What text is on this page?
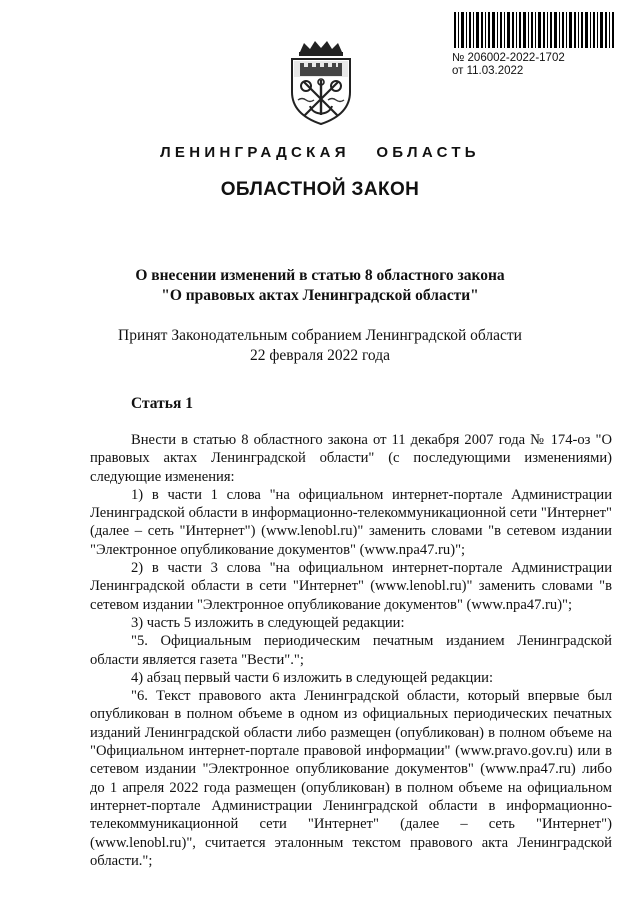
№ 206002-2022-1702
от 11.03.2022
ЛЕНИНГРАДСКАЯ ОБЛАСТЬ
ОБЛАСТНОЙ ЗАКОН
О внесении изменений в статью 8 областного закона
"О правовых актах Ленинградской области"
Принят Законодательным собранием Ленинградской области
22 февраля 2022 года
Статья 1

Внести в статью 8 областного закона от 11 декабря 2007 года № 174-оз "О правовых актах Ленинградской области" (с последующими изменениями) следующие изменения:

1) в части 1 слова "на официальном интернет-портале Администрации Ленинградской области в информационно-телекоммуникационной сети "Интернет" (далее – сеть "Интернет") (www.lenobl.ru)" заменить словами "в сетевом издании "Электронное опубликование документов" (www.npa47.ru)";

2) в части 3 слова "на официальном интернет-портале Администрации Ленинградской области в сети "Интернет" (www.lenobl.ru)" заменить словами "в сетевом издании "Электронное опубликование документов" (www.npa47.ru)";

3) часть 5 изложить в следующей редакции:

"5. Официальным периодическим печатным изданием Ленинградской области является газета "Вести".";

4) абзац первый части 6 изложить в следующей редакции:

"6. Текст правового акта Ленинградской области, который впервые был опубликован в полном объеме в одном из официальных периодических печатных изданий Ленинградской области либо размещен (опубликован) в полном объеме на "Официальном интернет-портале правовой информации" (www.pravo.gov.ru) или в сетевом издании "Электронное опубликование документов" (www.npa47.ru) либо до 1 апреля 2022 года размещен (опубликован) в полном объеме на официальном интернет-портале Администрации Ленинградской области в информационно-телекоммуникационной сети "Интернет" (далее – сеть "Интернет") (www.lenobl.ru)", считается эталонным текстом правового акта Ленинградской области.";
